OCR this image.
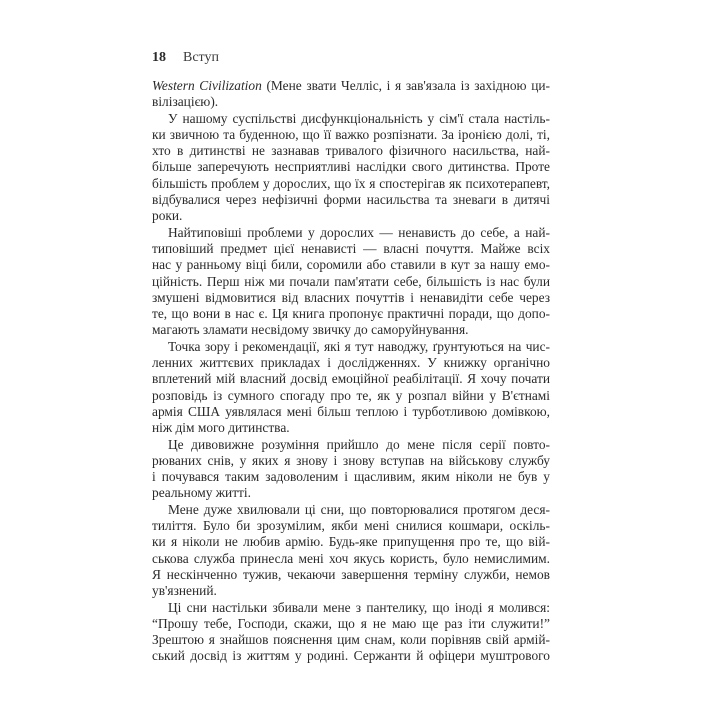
18 Вступ
Western Civilization (Мене звати Челліс, і я зав'язала із західною ци-
вілізацією).
У нашому суспільстві дисфункціональність у сім'ї стала настіль-
ки звичною та буденною, що її важко розпізнати. За іронією долі, ті,
хто в дитинстві не зазнавав тривалого фізичного насильства, най-
більше заперечують несприятливі наслідки свого дитинства. Проте
більшість проблем у дорослих, що їх я спостерігав як психотерапевт,
відбувалися через нефізичні форми насильства та зневаги в дитячі
роки.
Найтиповіші проблеми у дорослих — ненависть до себе, а най-
типовіший предмет цієї ненависті — власні почуття. Майже всіх
нас у ранньому віці били, соромили або ставили в кут за нашу емо-
ційність. Перш ніж ми почали пам'ятати себе, більшість із нас були
змушені відмовитися від власних почуттів і ненавидіти себе через
те, що вони в нас є. Ця книга пропонує практичні поради, що допо-
магають зламати несвідому звичку до саморуйнування.
Точка зору і рекомендації, які я тут наводжу, ґрунтуються на чис-
ленних життєвих прикладах і дослідженнях. У книжку органічно
вплетений мій власний досвід емоційної реабілітації. Я хочу почати
розповідь із сумного спогаду про те, як у розпал війни у В'єтнамі
армія США уявлялася мені більш теплою і турботливою домівкою,
ніж дім мого дитинства.
Це дивовижне розуміння прийшло до мене після серії повто-
рюваних снів, у яких я знову і знову вступав на військову службу
і почувався таким задоволеним і щасливим, яким ніколи не був у
реальному житті.
Мене дуже хвилювали ці сни, що повторювалися протягом деся-
тиліття. Було би зрозумілим, якби мені снилися кошмари, оскіль-
ки я ніколи не любив армію. Будь-яке припущення про те, що вій-
ськова служба принесла мені хоч якусь користь, було немислимим.
Я нескінченно тужив, чекаючи завершення терміну служби, немов
ув'язнений.
Ці сни настільки збивали мене з пантелику, що іноді я молився:
“Прошу тебе, Господи, скажи, що я не маю ще раз іти служити!”
Зрештою я знайшов пояснення цим снам, коли порівняв свій армій-
ський досвід із життям у родині. Сержанти й офіцери муштрового
